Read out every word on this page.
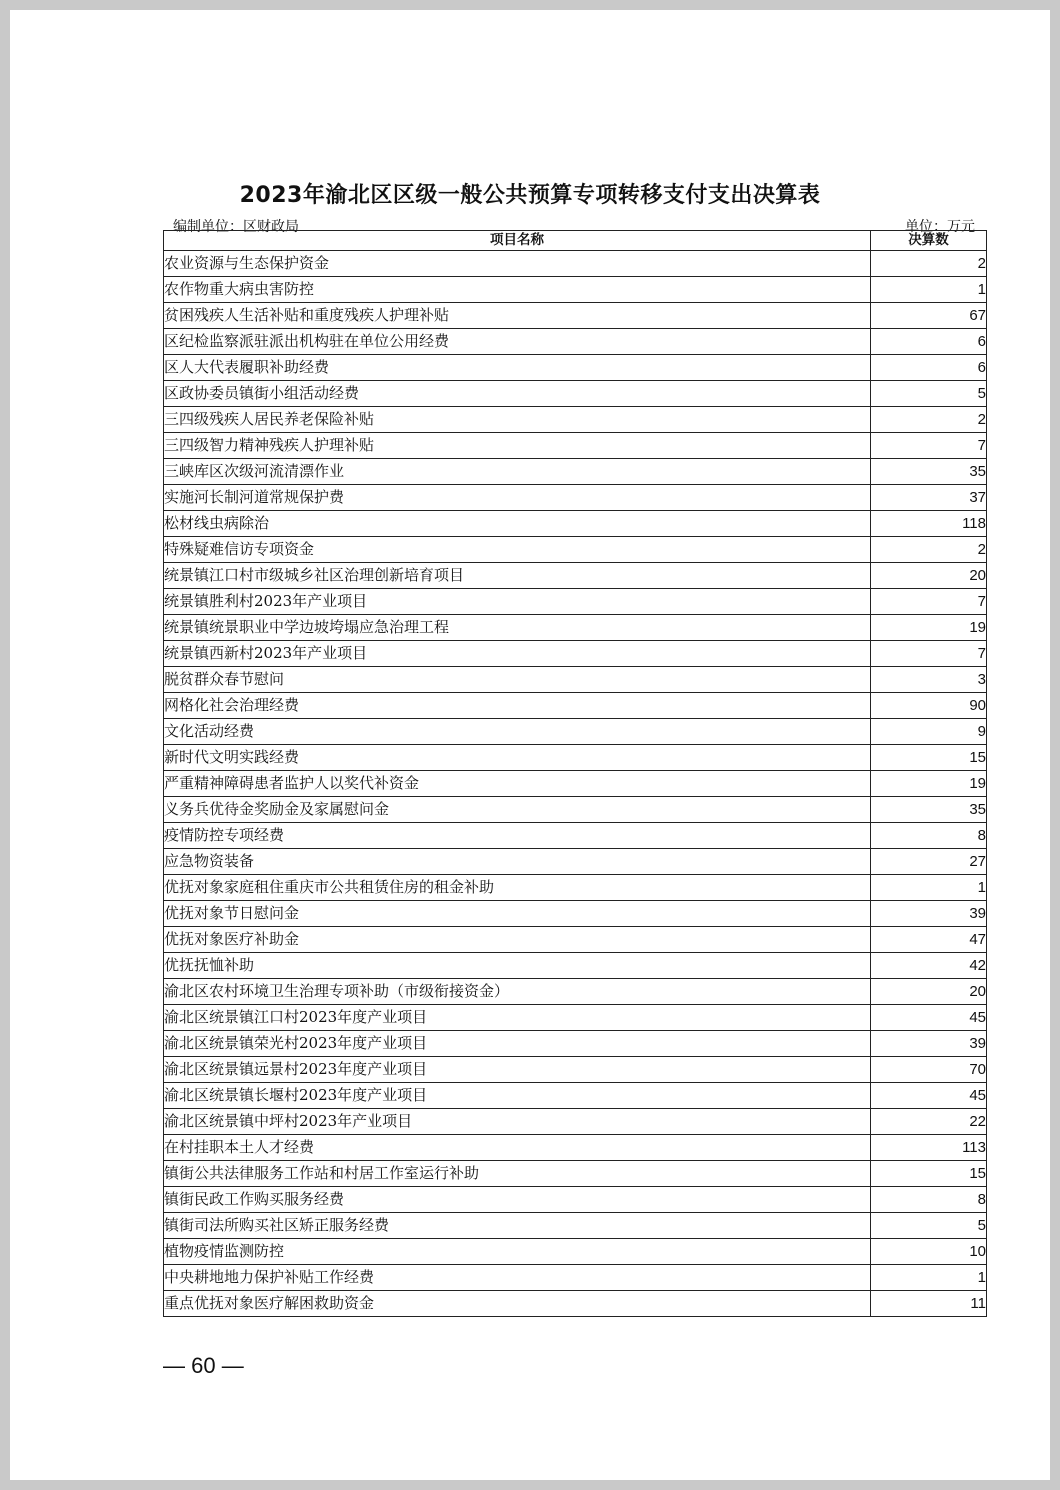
2023年渝北区区级一般公共预算专项转移支付支出决算表
编制单位：区财政局	单位：万元
项目名称	决算数
农业资源与生态保护资金	2
农作物重大病虫害防控	1
贫困残疾人生活补贴和重度残疾人护理补贴	67
区纪检监察派驻派出机构驻在单位公用经费	6
区人大代表履职补助经费	6
区政协委员镇街小组活动经费	5
三四级残疾人居民养老保险补贴	2
三四级智力精神残疾人护理补贴	7
三峡库区次级河流清漂作业	35
实施河长制河道常规保护费	37
松材线虫病除治	118
特殊疑难信访专项资金	2
统景镇江口村市级城乡社区治理创新培育项目	20
统景镇胜利村2023年产业项目	7
统景镇统景职业中学边坡垮塌应急治理工程	19
统景镇西新村2023年产业项目	7
脱贫群众春节慰问	3
网格化社会治理经费	90
文化活动经费	9
新时代文明实践经费	15
严重精神障碍患者监护人以奖代补资金	19
义务兵优待金奖励金及家属慰问金	35
疫情防控专项经费	8
应急物资装备	27
优抚对象家庭租住重庆市公共租赁住房的租金补助	1
优抚对象节日慰问金	39
优抚对象医疗补助金	47
优抚抚恤补助	42
渝北区农村环境卫生治理专项补助（市级衔接资金）	20
渝北区统景镇江口村2023年度产业项目	45
渝北区统景镇荣光村2023年度产业项目	39
渝北区统景镇远景村2023年度产业项目	70
渝北区统景镇长堰村2023年度产业项目	45
渝北区统景镇中坪村2023年产业项目	22
在村挂职本土人才经费	113
镇街公共法律服务工作站和村居工作室运行补助	15
镇街民政工作购买服务经费	8
镇街司法所购买社区矫正服务经费	5
植物疫情监测防控	10
中央耕地地力保护补贴工作经费	1
重点优抚对象医疗解困救助资金	11
— 60 —
